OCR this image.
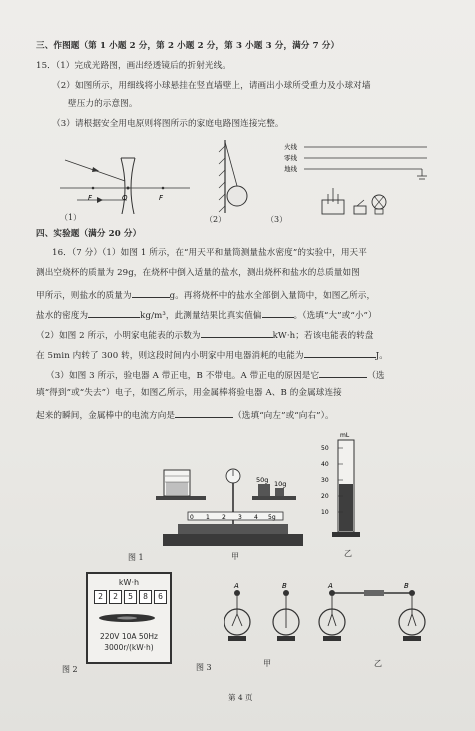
三、作图题（第 1 小题 2 分，第 2 小题 2 分，第 3 小题 3 分，满分 7 分）
15．（1）完成光路图，画出经透镜后的折射光线。
（2）如图所示，用细线将小球悬挂在竖直墙壁上，请画出小球所受重力及小球对墙
壁压力的示意图。
（3）请根据安全用电原则将图所示的家庭电路图连接完整。
F	O	F
（1）	（2）
火线
零线
地线
（3）
四、实验题（满分 20 分）
16．（7 分）（1）如图 1 所示，在“用天平和量筒测量盐水密度”的实验中，用天平
测出空烧杯的质量为 29g，在烧杯中倒入适量的盐水，测出烧杯和盐水的总质量如图
甲所示，则盐水的质量为	g。再将烧杯中的盐水全部倒入量筒中，如图乙所示，
盐水的密度为	kg/m³，此测量结果比真实值偏	。（选填“大”或“小”）
（2）如图 2 所示，小明家电能表的示数为	kW·h；若该电能表的转盘
在 5min 内转了 300 转，则这段时间内小明家中用电器消耗的电能为	J。
（3）如图 3 所示，验电器 A 带正电，B 不带电。A 带正电的原因是它	（选
填“得到”或“失去”）电子，如图乙所示，用金属棒将验电器 A、B 的金属球连接
起来的瞬间，金属棒中的电流方向是	（选填“向左”或“向右”）。
0 1 2 3 4 5g
50g 10g
甲
mL
50
40
30
20
10
乙
图 1
kW·h
2	2	5	8	6
220V 10A 50Hz
3000r/(kW·h)
图 2
A	B	A	B
图 3	甲	乙
第 4 页
